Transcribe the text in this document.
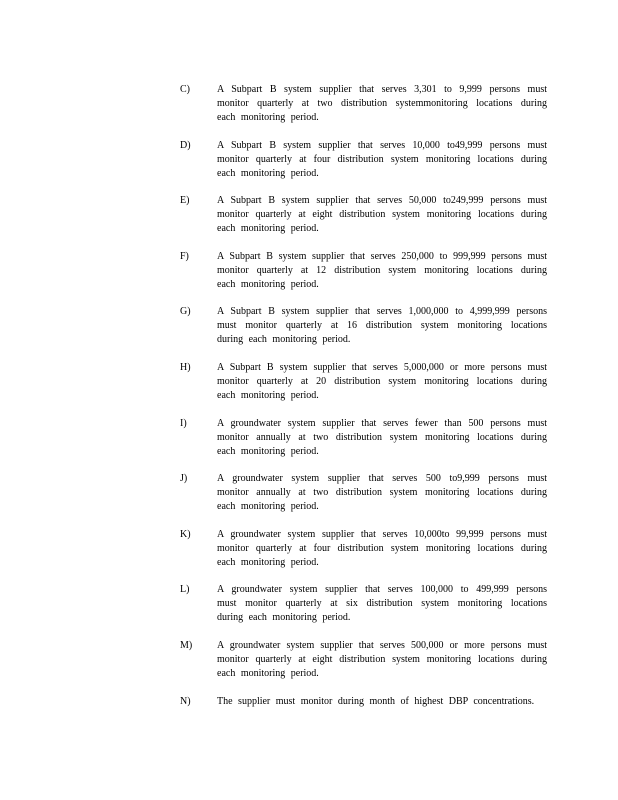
C)	A Subpart B system supplier that serves 3,301 to 9,999 persons must monitor quarterly at two distribution systemmonitoring locations during each monitoring period.
D)	A Subpart B system supplier that serves 10,000 to49,999 persons must monitor quarterly at four distribution system monitoring locations during each monitoring period.
E)	A Subpart B system supplier that serves 50,000 to249,999 persons must monitor quarterly at eight distribution system monitoring locations during each monitoring period.
F)	A Subpart B system supplier that serves 250,000 to 999,999 persons must monitor quarterly at 12 distribution system monitoring locations during each monitoring period.
G)	A Subpart B system supplier that serves 1,000,000 to 4,999,999 persons must monitor quarterly at 16 distribution system monitoring locations during each monitoring period.
H)	A Subpart B system supplier that serves 5,000,000 or more persons must monitor quarterly at 20 distribution system monitoring locations during each monitoring period.
I)	A groundwater system supplier that serves fewer than 500 persons must monitor annually at two distribution system monitoring locations during each monitoring period.
J)	A groundwater system supplier that serves 500 to9,999 persons must monitor annually at two distribution system monitoring locations during each monitoring period.
K)	A groundwater system supplier that serves 10,000to 99,999 persons must monitor quarterly at four distribution system monitoring locations during each monitoring period.
L)	A groundwater system supplier that serves 100,000 to 499,999 persons must monitor quarterly at six distribution system monitoring locations during each monitoring period.
M)	A groundwater system supplier that serves 500,000 or more persons must monitor quarterly at eight distribution system monitoring locations during each monitoring period.
N)	The supplier must monitor during month of highest DBP concentrations.
